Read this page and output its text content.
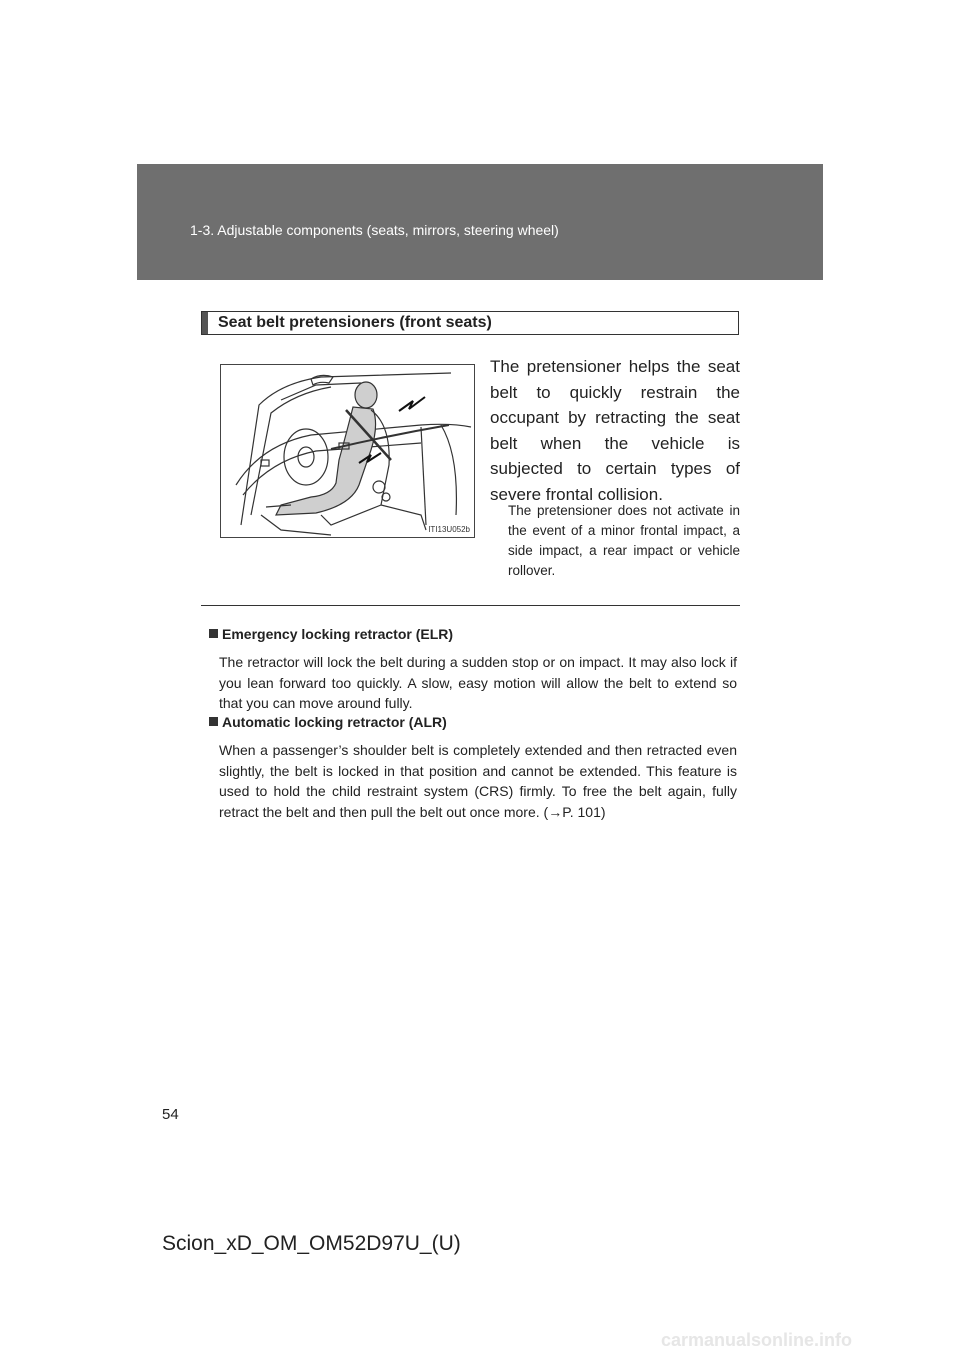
1-3. Adjustable components (seats, mirrors, steering wheel)
Seat belt pretensioners (front seats)
ITI13U052b
The pretensioner helps the seat belt to quickly restrain the occupant by retracting the seat belt when the vehicle is subjected to certain types of severe frontal collision.
The pretensioner does not activate in the event of a minor frontal impact, a side impact, a rear impact or vehicle rollover.
Emergency locking retractor (ELR)
The retractor will lock the belt during a sudden stop or on impact. It may also lock if you lean forward too quickly. A slow, easy motion will allow the belt to extend so that you can move around fully.
Automatic locking retractor (ALR)
When a passenger’s shoulder belt is completely extended and then retracted even slightly, the belt is locked in that position and cannot be extended. This feature is used to hold the child restraint system (CRS) firmly. To free the belt again, fully retract the belt and then pull the belt out once more. (→P. 101)
54
Scion_xD_OM_OM52D97U_(U)
carmanualsonline.info
